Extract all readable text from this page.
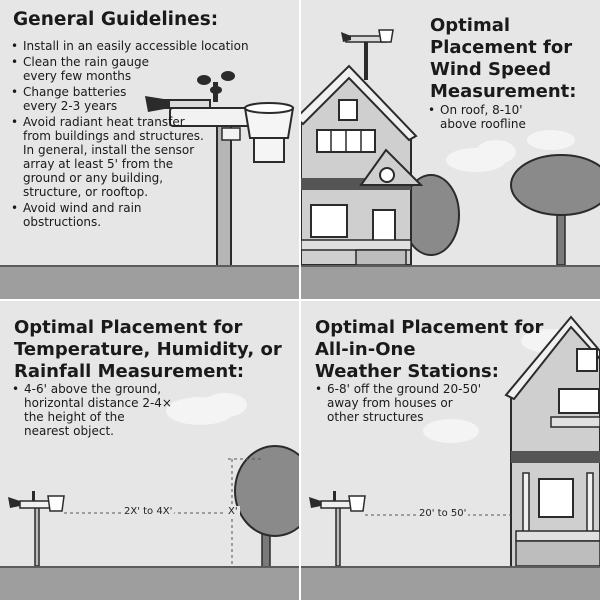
General Guidelines:
• Install in an easily accessible location
• Clean the rain gauge
every few months
• Change batteries
every 2-3 years
• Avoid radiant heat transfer from buildings and structures. In general, install the sensor array at least 5' from the ground or any building, structure, or rooftop.
• Avoid wind and rain obstructions.
Optimal
Placement for
Wind Speed
Measurement:
• On roof, 8-10'
above roofline
Optimal Placement for
Temperature, Humidity, or
Rainfall Measurement:
• 4-6' above the ground,
horizontal distance 2-4×
the height of the
nearest object.
2X' to 4X'	X'
Optimal Placement for
All-in-One
Weather Stations:
• 6-8' off the ground 20-50'
away from houses or
other structures
20' to 50'
